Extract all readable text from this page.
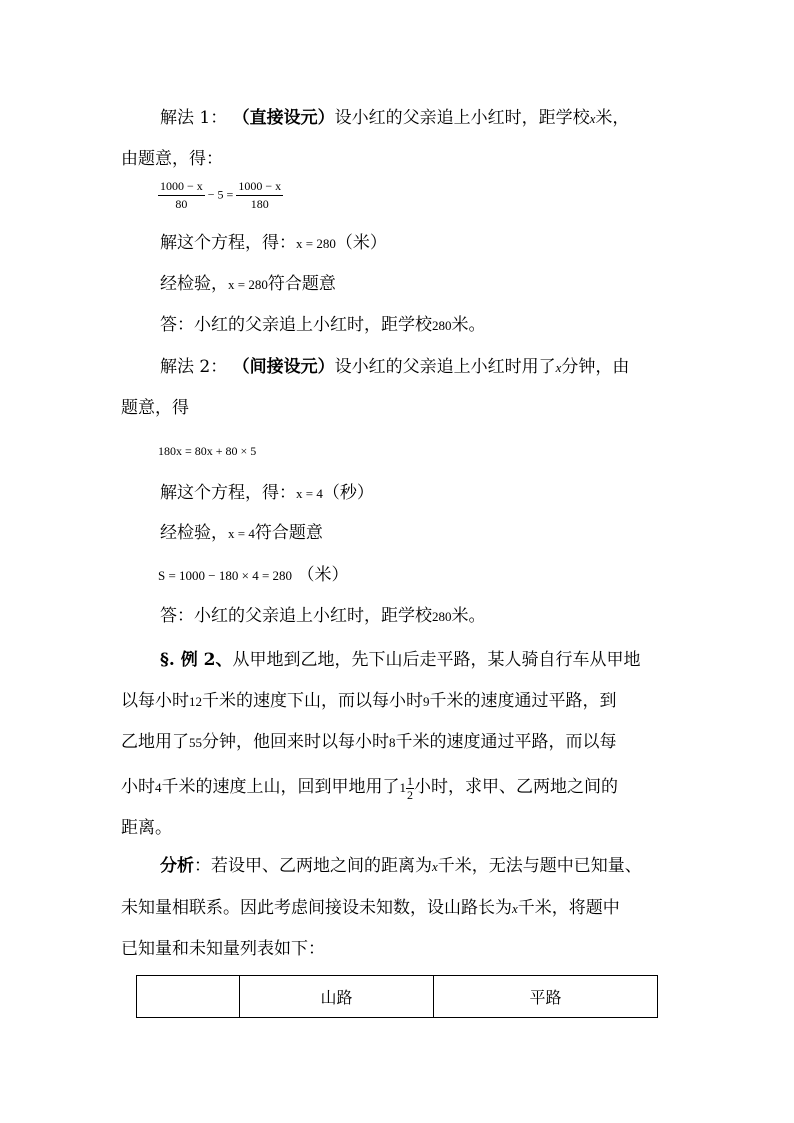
解法 1： （直接设元）设小红的父亲追上小红时，距学校x米，
由题意，得：
$\frac{1000 - x}{80} - 5 = \frac{1000 - x}{180}$
解这个方程，得：x = 280（米）
经检验，x = 280符合题意
答：小红的父亲追上小红时，距学校280米。
解法 2： （间接设元）设小红的父亲追上小红时用了x分钟，由
题意，得
180x = 80x + 80 × 5
解这个方程，得：x = 4（秒）
经检验，x = 4符合题意
S = 1000 − 180 × 4 = 280 （米）
答：小红的父亲追上小红时，距学校280米。
§. 例 2、从甲地到乙地，先下山后走平路，某人骑自行车从甲地
以每小时12千米的速度下山，而以每小时9千米的速度通过平路，到
乙地用了55分钟，他回来时以每小时8千米的速度通过平路，而以每
小时4千米的速度上山，回到甲地用了$1 \frac{1}{2}$ 小时，求甲、乙两地之间的
距离。
分析：若设甲、乙两地之间的距离为x千米，无法与题中已知量、
未知量相联系。因此考虑间接设未知数，设山路长为x千米，将题中
已知量和未知量列表如下：
	山路	平路
